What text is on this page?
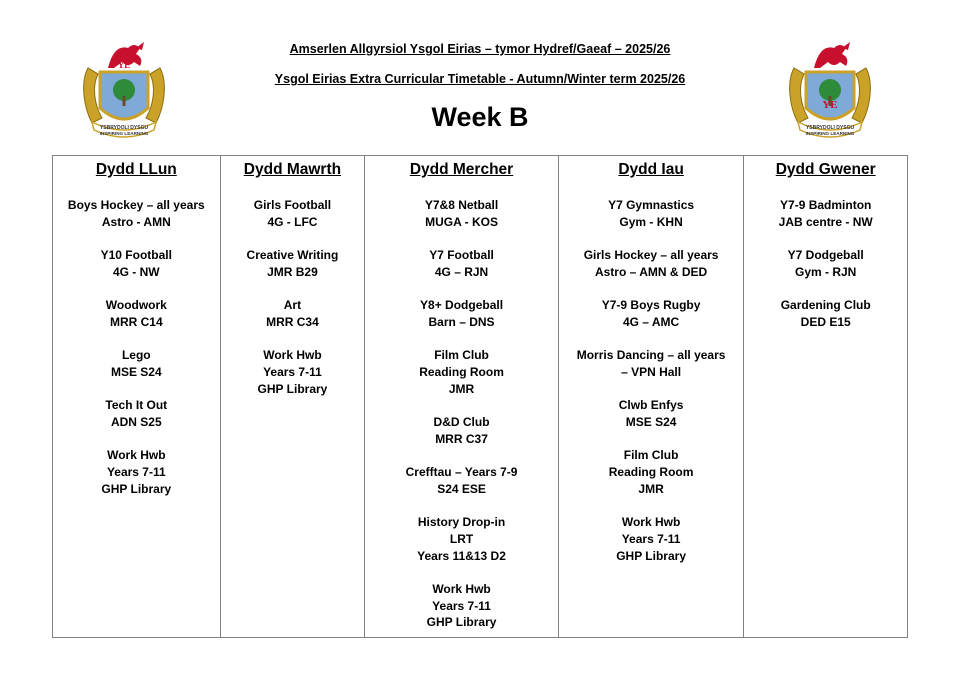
YE
YSBRYDOLI DYSGU
INSPIRING LEARNING
YE
YSBRYDOLI DYSGU
INSPIRING LEARNING
Amserlen Allgyrsiol Ysgol Eirias – tymor Hydref/Gaeaf – 2025/26
Ysgol Eirias Extra Curricular Timetable - Autumn/Winter term 2025/26
Week B
Dydd LLun
Boys Hockey – all years
Astro - AMN
Y10 Football
4G - NW
Woodwork
MRR C14
Lego
MSE S24
Tech It Out
ADN S25
Work Hwb
Years 7-11
GHP Library
Dydd Mawrth
Girls Football
4G - LFC
Creative Writing
JMR B29
Art
MRR C34
Work Hwb
Years 7-11
GHP Library
Dydd Mercher
Y7&8 Netball
MUGA - KOS
Y7 Football
4G – RJN
Y8+ Dodgeball
Barn – DNS
Film Club
Reading Room
JMR
D&D Club
MRR C37
Crefftau – Years 7-9
S24 ESE
History Drop-in
LRT
Years 11&13 D2
Work Hwb
Years 7-11
GHP Library
Dydd Iau
Y7 Gymnastics
Gym - KHN
Girls Hockey – all years
Astro – AMN & DED
Y7-9 Boys Rugby
4G – AMC
Morris Dancing – all years
– VPN Hall
Clwb Enfys
MSE S24
Film Club
Reading Room
JMR
Work Hwb
Years 7-11
GHP Library
Dydd Gwener
Y7-9 Badminton
JAB centre - NW
Y7 Dodgeball
Gym - RJN
Gardening Club
DED E15
